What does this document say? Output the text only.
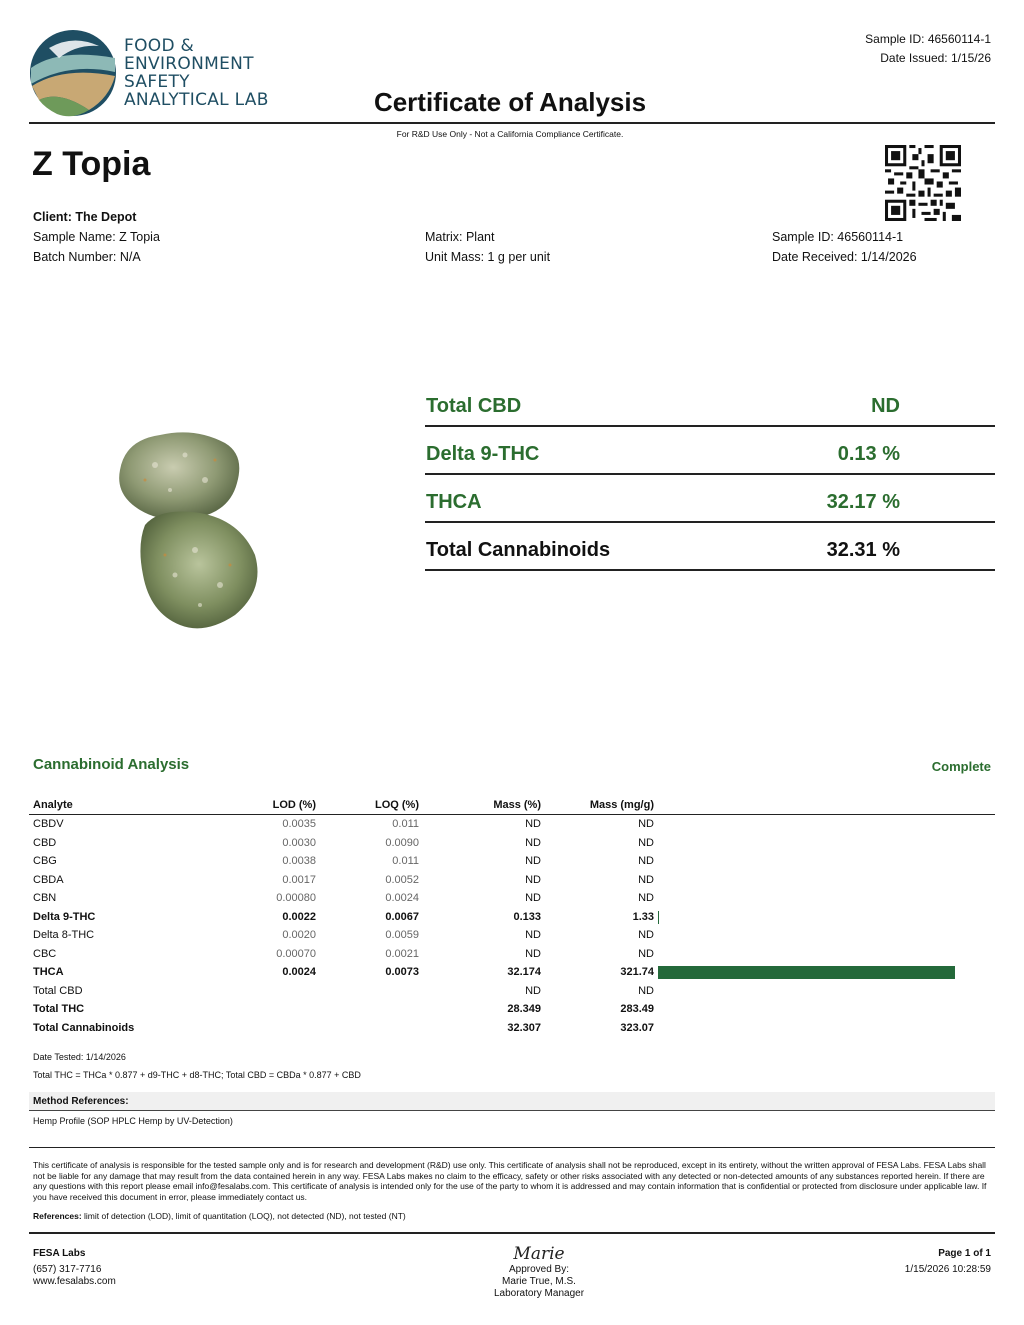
FOOD &
ENVIRONMENT
SAFETY
ANALYTICAL LAB	Certificate of Analysis
Sample ID: 46560114-1
Date Issued: 1/15/26
For R&D Use Only - Not a California Compliance Certificate.
Z Topia
Client: The Depot
Sample Name: Z Topia
Batch Number: N/A
Matrix: Plant
Unit Mass: 1 g per unit
Sample ID: 46560114-1
Date Received: 1/14/2026
Total CBD	ND
Delta 9-THC	0.13 %
THCA	32.17 %
Total Cannabinoids	32.31 %
Cannabinoid Analysis	Complete
Analyte	LOD (%)	LOQ (%)	Mass (%)	Mass (mg/g)	
CBDV	0.0035	0.011	ND	ND	
CBD	0.0030	0.0090	ND	ND	
CBG	0.0038	0.011	ND	ND	
CBDA	0.0017	0.0052	ND	ND	
CBN	0.00080	0.0024	ND	ND	
Delta 9-THC	0.0022	0.0067	0.133	1.33	

Delta 8-THC	0.0020	0.0059	ND	ND	
CBC	0.00070	0.0021	ND	ND	
THCA	0.0024	0.0073	32.174	321.74	

Total CBD			ND	ND	
Total THC			28.349	283.49	
Total Cannabinoids			32.307	323.07	
Date Tested: 1/14/2026
Total THC = THCa * 0.877 + d9-THC + d8-THC; Total CBD = CBDa * 0.877 + CBD
Method References:
Hemp Profile (SOP HPLC Hemp by UV-Detection)
This certificate of analysis is responsible for the tested sample only and is for research and development (R&D) use only. This certificate of analysis shall not be reproduced, except in its entirety, without the written approval of FESA Labs. FESA Labs shall not be liable for any damage that may result from the data contained herein in any way. FESA Labs makes no claim to the efficacy, safety or other risks associated with any detected or non-detected amounts of any substances reported herein. If there are any questions with this report please email info@fesalabs.com. This certificate of analysis is intended only for the use of the party to whom it is addressed and may contain information that is confidential or protected from disclosure under applicable law. If you have received this document in error, please immediately contact us.
References: limit of detection (LOD), limit of quantitation (LOQ), not detected (ND), not tested (NT)
FESA Labs
(657) 317-7716
www.fesalabs.com
Marie
Approved By:
Marie True, M.S.
Laboratory Manager
Page 1 of 1
1/15/2026 10:28:59
